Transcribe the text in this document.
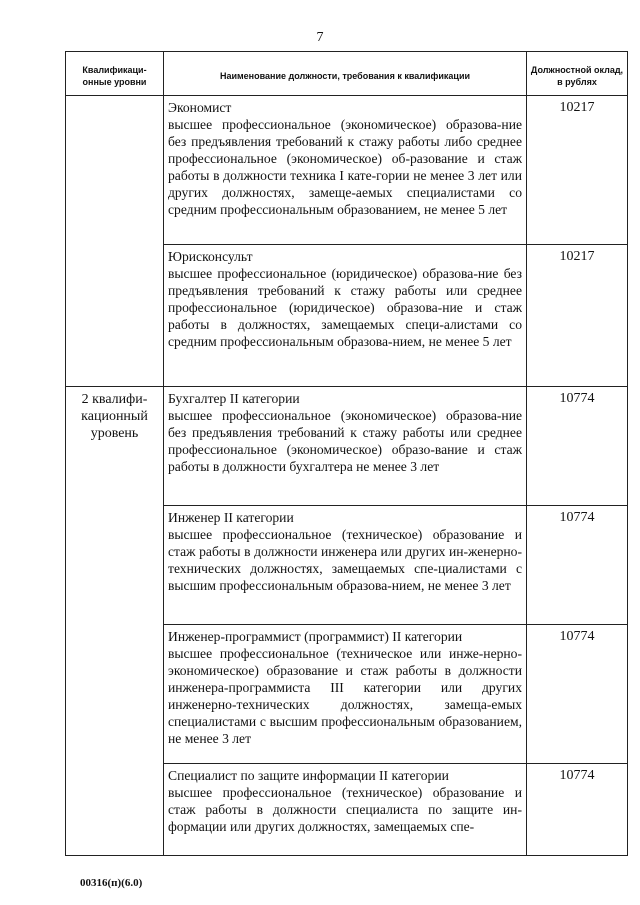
7
Квалификаци-онные уровни	Наименование должности, требования к квалификации	Должностной оклад, в рублях

	Экономист
высшее профессиональное (экономическое) образова-ние без предъявления требований к стажу работы либо среднее профессиональное (экономическое) об-разование и стаж работы в должности техника I кате-гории не менее 3 лет или других должностях, замеще-аемых специалистами со средним профессиональным образованием, не менее 5 лет	10217

	Юрисконсульт
высшее профессиональное (юридическое) образова-ние без предъявления требований к стажу работы или среднее профессиональное (юридическое) образова-ние и стаж работы в должностях, замещаемых специ-алистами со средним профессиональным образова-нием, не менее 5 лет	10217
2 квалифи-кационный уровень	Бухгалтер II категории
высшее профессиональное (экономическое) образова-ние без предъявления требований к стажу работы или среднее профессиональное (экономическое) образо-вание и стаж работы в должности бухгалтера не менее 3 лет	10774

	Инженер II категории
высшее профессиональное (техническое) образование и стаж работы в должности инженера или других ин-женерно-технических должностях, замещаемых спе-циалистами с высшим профессиональным образова-нием, не менее 3 лет	10774

	Инженер-программист (программист) II категории
высшее профессиональное (техническое или инже-нерно-экономическое) образование и стаж работы в должности инженера-программиста III категории или других инженерно-технических должностях, замеща-емых специалистами с высшим профессиональным образованием, не менее 3 лет	10774

	Специалист по защите информации II категории
высшее профессиональное (техническое) образование и стаж работы в должности специалиста по защите ин-формации или других должностях, замещаемых спе-	10774
00316(п)(6.0)
